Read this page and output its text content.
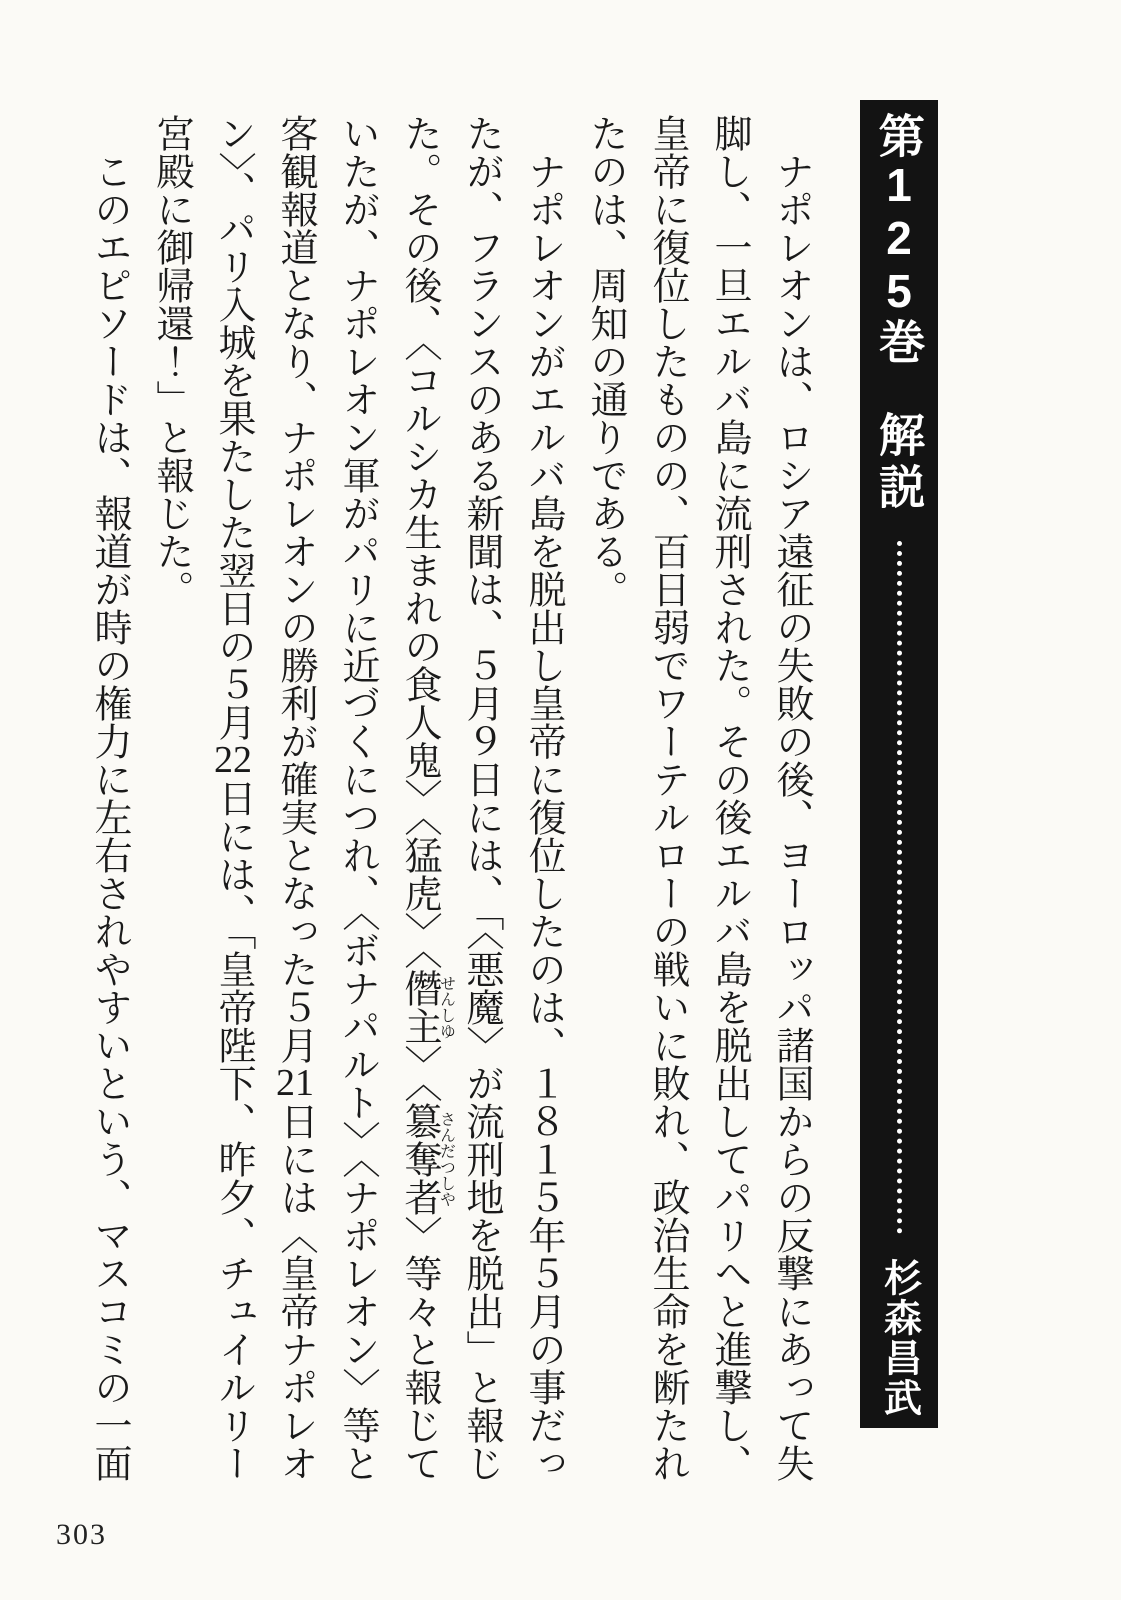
第125巻
解説
杉森昌武

ナポレオンは、ロシア遠征の失敗の後、ヨーロッパ諸国からの反撃にあって失脚し、一旦エルバ島に流刑された。その後エルバ島を脱出してパリへと進撃し、皇帝に復位したものの、百日弱でワーテルローの戦いに敗れ、政治生命を断たれたのは、周知の通りである。

ナポレオンがエルバ島を脱出し皇帝に復位したのは、１８１５年５月の事だったが、フランスのある新聞は、５月９日には、「〈悪魔〉が流刑地を脱出」と報じた。その後、〈コルシカ生まれの食人鬼〉〈猛虎〉〈僭主せんしゆ〉〈簒奪者さんだつしや〉等々と報じていたが、ナポレオン軍がパリに近づくにつれ、〈ボナパルト〉〈ナポレオン〉等と客観報道となり、ナポレオンの勝利が確実となった５月21日には〈皇帝ナポレオン〉、パリ入城を果たした翌日の５月22日には、「皇帝陛下、昨夕、チュイルリー宮殿に御帰還！」と報じた。

このエピソードは、報道が時の権力に左右されやすいという、マスコミの一面

303
